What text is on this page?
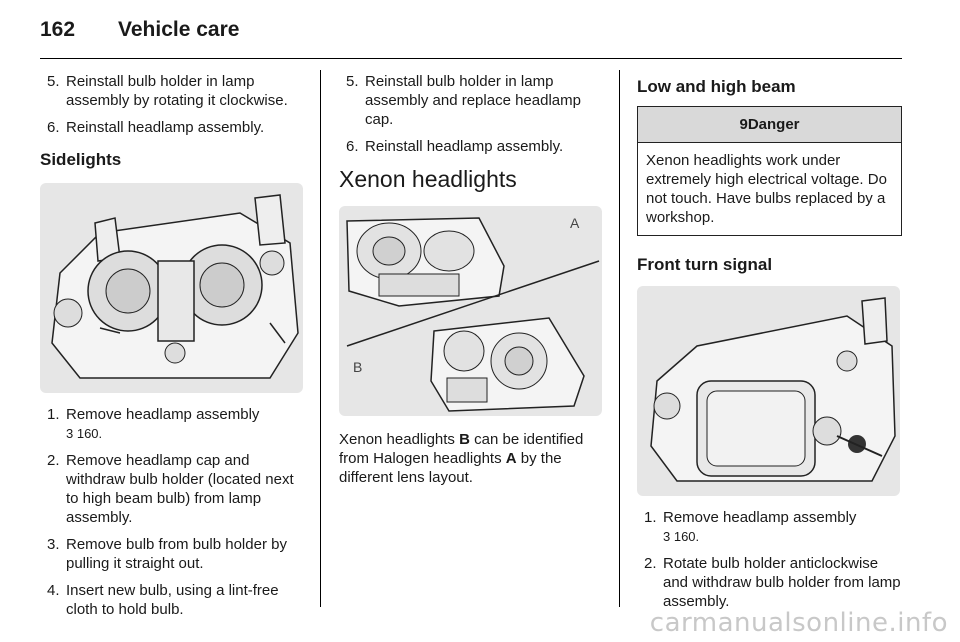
162 Vehicle care
5. Reinstall bulb holder in lamp assembly by rotating it clockwise.
6. Reinstall headlamp assembly.
Sidelights
1. Remove headlamp assembly
3 160.
2. Remove headlamp cap and withdraw bulb holder (located next to high beam bulb) from lamp assembly.
3. Remove bulb from bulb holder by pulling it straight out.
4. Insert new bulb, using a lint-free cloth to hold bulb.
5. Reinstall bulb holder in lamp assembly and replace headlamp cap.
6. Reinstall headlamp assembly.
Xenon headlights
A
B

Xenon headlights B can be identified from Halogen headlights A by the different lens layout.

Low and high beam
9Danger
Xenon headlights work under extremely high electrical voltage. Do not touch. Have bulbs replaced by a workshop.
Front turn signal
1. Remove headlamp assembly
3 160.
2. Rotate bulb holder anticlockwise and withdraw bulb holder from lamp assembly.
carmanualsonline.info
